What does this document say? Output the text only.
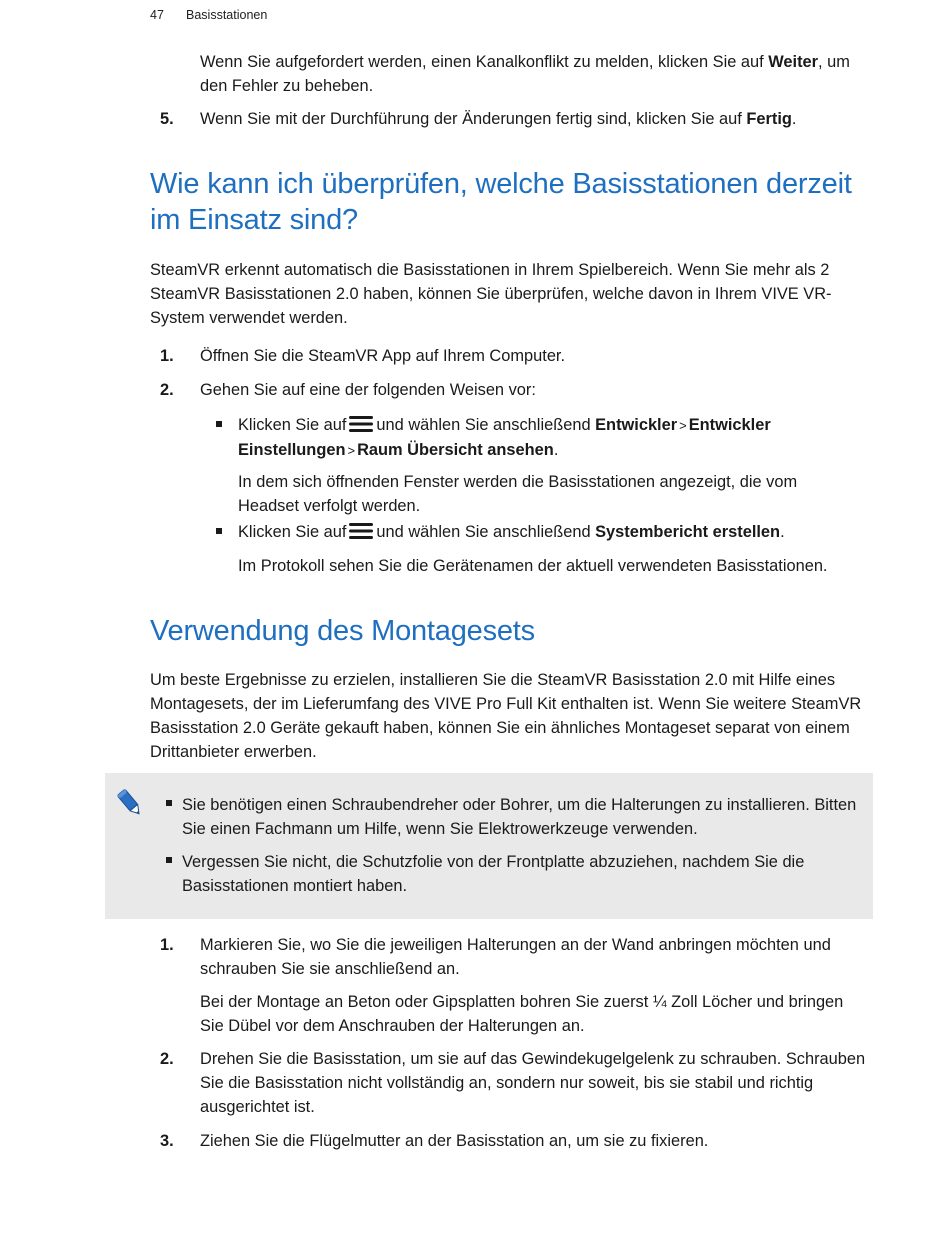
47 Basisstationen

Wenn Sie aufgefordert werden, einen Kanalkonflikt zu melden, klicken Sie auf Weiter, um den Fehler zu beheben.

5. Wenn Sie mit der Durchführung der Änderungen fertig sind, klicken Sie auf Fertig.

Wie kann ich überprüfen, welche Basisstationen derzeit im Einsatz sind?

SteamVR erkennt automatisch die Basisstationen in Ihrem Spielbereich. Wenn Sie mehr als 2 SteamVR Basisstationen 2.0 haben, können Sie überprüfen, welche davon in Ihrem VIVE VR-System verwendet werden.

1. Öffnen Sie die SteamVR App auf Ihrem Computer.

2. Gehen Sie auf eine der folgenden Weisen vor:

Klicken Sie auf und wählen Sie anschließend Entwickler > Entwickler Einstellungen > Raum Übersicht ansehen.

In dem sich öffnenden Fenster werden die Basisstationen angezeigt, die vom Headset verfolgt werden.

Klicken Sie auf und wählen Sie anschließend Systembericht erstellen.

Im Protokoll sehen Sie die Gerätenamen der aktuell verwendeten Basisstationen.

Verwendung des Montagesets

Um beste Ergebnisse zu erzielen, installieren Sie die SteamVR Basisstation 2.0 mit Hilfe eines Montagesets, der im Lieferumfang des VIVE Pro Full Kit enthalten ist. Wenn Sie weitere SteamVR Basisstation 2.0 Geräte gekauft haben, können Sie ein ähnliches Montageset separat von einem Drittanbieter erwerben.

Sie benötigen einen Schraubendreher oder Bohrer, um die Halterungen zu installieren. Bitten Sie einen Fachmann um Hilfe, wenn Sie Elektrowerkzeuge verwenden.

Vergessen Sie nicht, die Schutzfolie von der Frontplatte abzuziehen, nachdem Sie die Basisstationen montiert haben.

1. Markieren Sie, wo Sie die jeweiligen Halterungen an der Wand anbringen möchten und schrauben Sie sie anschließend an.

Bei der Montage an Beton oder Gipsplatten bohren Sie zuerst ¼ Zoll Löcher und bringen Sie Dübel vor dem Anschrauben der Halterungen an.

2. Drehen Sie die Basisstation, um sie auf das Gewindekugelgelenk zu schrauben. Schrauben Sie die Basisstation nicht vollständig an, sondern nur soweit, bis sie stabil und richtig ausgerichtet ist.

3. Ziehen Sie die Flügelmutter an der Basisstation an, um sie zu fixieren.
